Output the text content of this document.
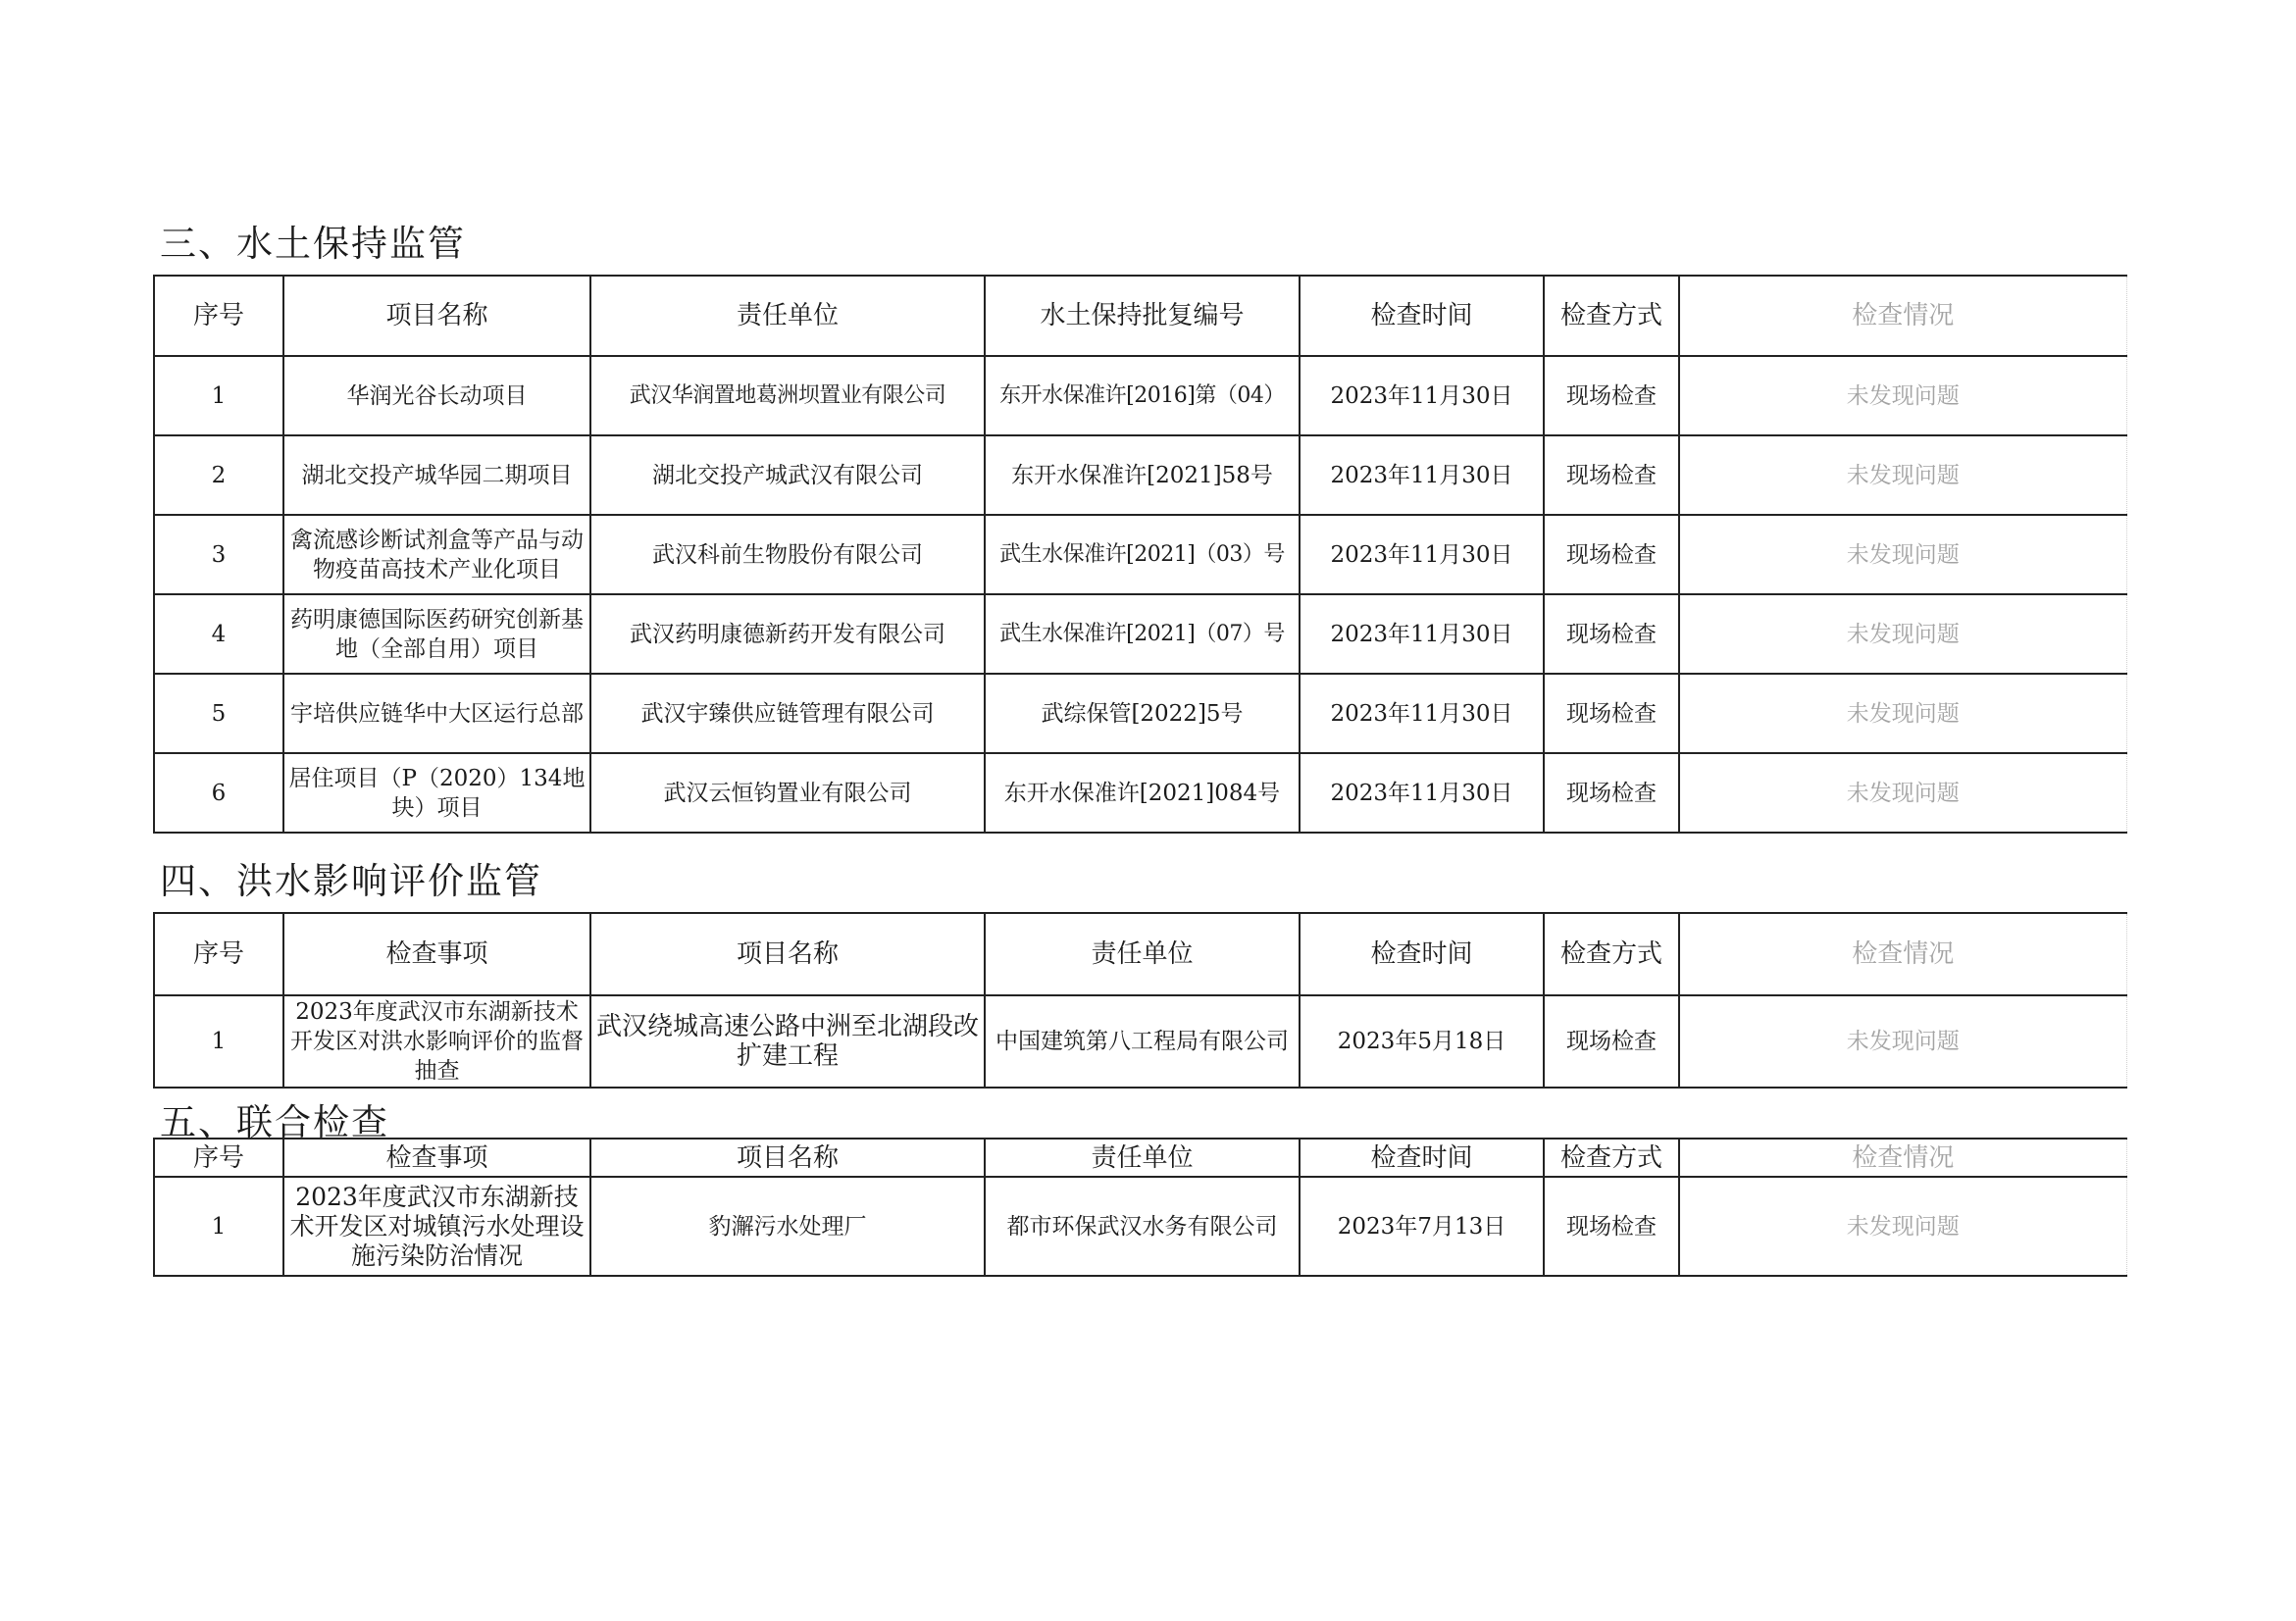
三、水土保持监管
序号	项目名称	责任单位	水土保持批复编号	检查时间	检查方式	检查情况
1	华润光谷长动项目	武汉华润置地葛洲坝置业有限公司	东开水保准许[2016]第（04）	2023年11月30日	现场检查	未发现问题
2	湖北交投产城华园二期项目	湖北交投产城武汉有限公司	东开水保准许[2021]58号	2023年11月30日	现场检查	未发现问题
3	禽流感诊断试剂盒等产品与动物疫苗高技术产业化项目	武汉科前生物股份有限公司	武生水保准许[2021]（03）号	2023年11月30日	现场检查	未发现问题
4	药明康德国际医药研究创新基地（全部自用）项目	武汉药明康德新药开发有限公司	武生水保准许[2021]（07）号	2023年11月30日	现场检查	未发现问题
5	宇培供应链华中大区运行总部	武汉宇臻供应链管理有限公司	武综保管[2022]5号	2023年11月30日	现场检查	未发现问题
6	居住项目（P（2020）134地块）项目	武汉云恒钧置业有限公司	东开水保准许[2021]084号	2023年11月30日	现场检查	未发现问题
四、洪水影响评价监管
序号	检查事项	项目名称	责任单位	检查时间	检查方式	检查情况
1	2023年度武汉市东湖新技术开发区对洪水影响评价的监督抽查	武汉绕城高速公路中洲至北湖段改扩建工程	中国建筑第八工程局有限公司	2023年5月18日	现场检查	未发现问题
五、联合检查
序号	检查事项	项目名称	责任单位	检查时间	检查方式	检查情况
1	2023年度武汉市东湖新技术开发区对城镇污水处理设施污染防治情况	豹澥污水处理厂	都市环保武汉水务有限公司	2023年7月13日	现场检查	未发现问题
